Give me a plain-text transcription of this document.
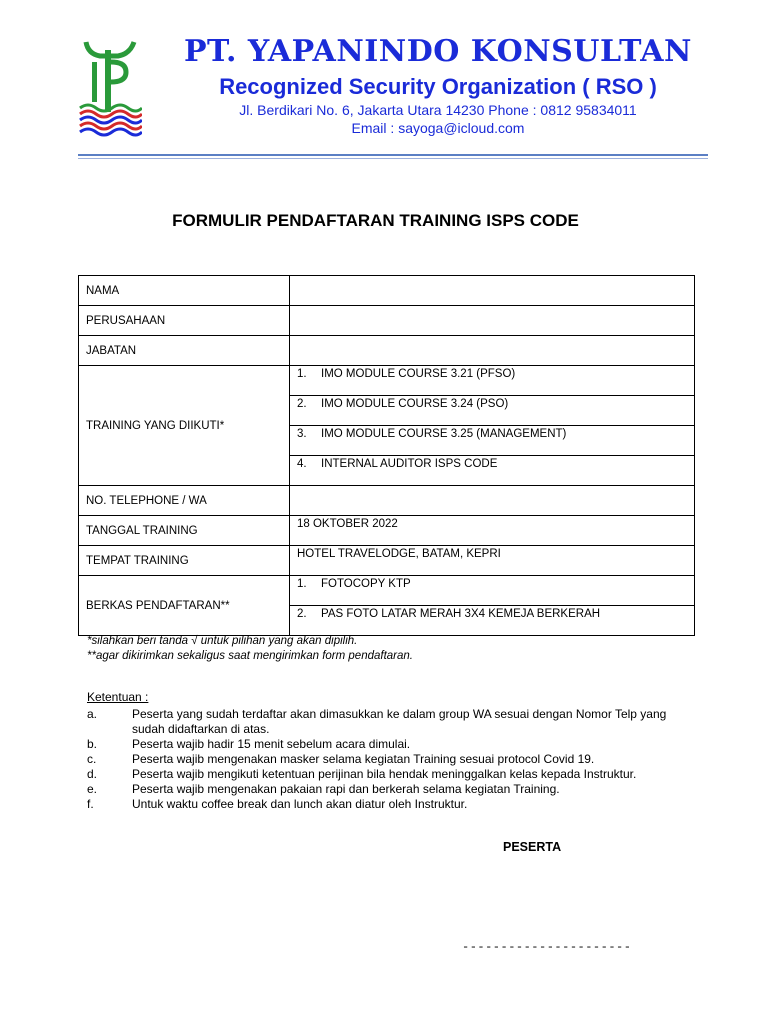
PT. YAPANINDO KONSULTAN
Recognized Security Organization ( RSO )
Jl. Berdikari No. 6, Jakarta Utara 14230 Phone : 0812 95834011
Email : sayoga@icloud.com
FORMULIR PENDAFTARAN TRAINING ISPS CODE
NAMA	
PERUSAHAAN	
JABATAN	
TRAINING YANG DIIKUTI*	1. IMO MODULE COURSE 3.21 (PFSO)
	2. IMO MODULE COURSE 3.24 (PSO)
	3. IMO MODULE COURSE 3.25 (MANAGEMENT)
	4. INTERNAL AUDITOR ISPS CODE
NO. TELEPHONE / WA	
TANGGAL TRAINING	18 OKTOBER 2022
TEMPAT TRAINING	HOTEL TRAVELODGE, BATAM, KEPRI
BERKAS PENDAFTARAN**	1. FOTOCOPY KTP
	2. PAS FOTO LATAR MERAH 3X4 KEMEJA BERKERAH
*silahkan beri tanda √ untuk pilihan yang akan dipilih.
**agar dikirimkan sekaligus saat mengirimkan form pendaftaran.
Ketentuan :
a.	Peserta yang sudah terdaftar akan dimasukkan ke dalam group WA sesuai dengan Nomor Telp yang sudah didaftarkan di atas.
b.	Peserta wajib hadir 15 menit sebelum acara dimulai.
c.	Peserta wajib mengenakan masker selama kegiatan Training sesuai protocol Covid 19.
d.	Peserta wajib mengikuti ketentuan perijinan bila hendak meninggalkan kelas kepada Instruktur.
e.	Peserta wajib mengenakan pakaian rapi dan berkerah selama kegiatan Training.
f.	Untuk waktu coffee break dan lunch akan diatur oleh Instruktur.
PESERTA
----------------------
